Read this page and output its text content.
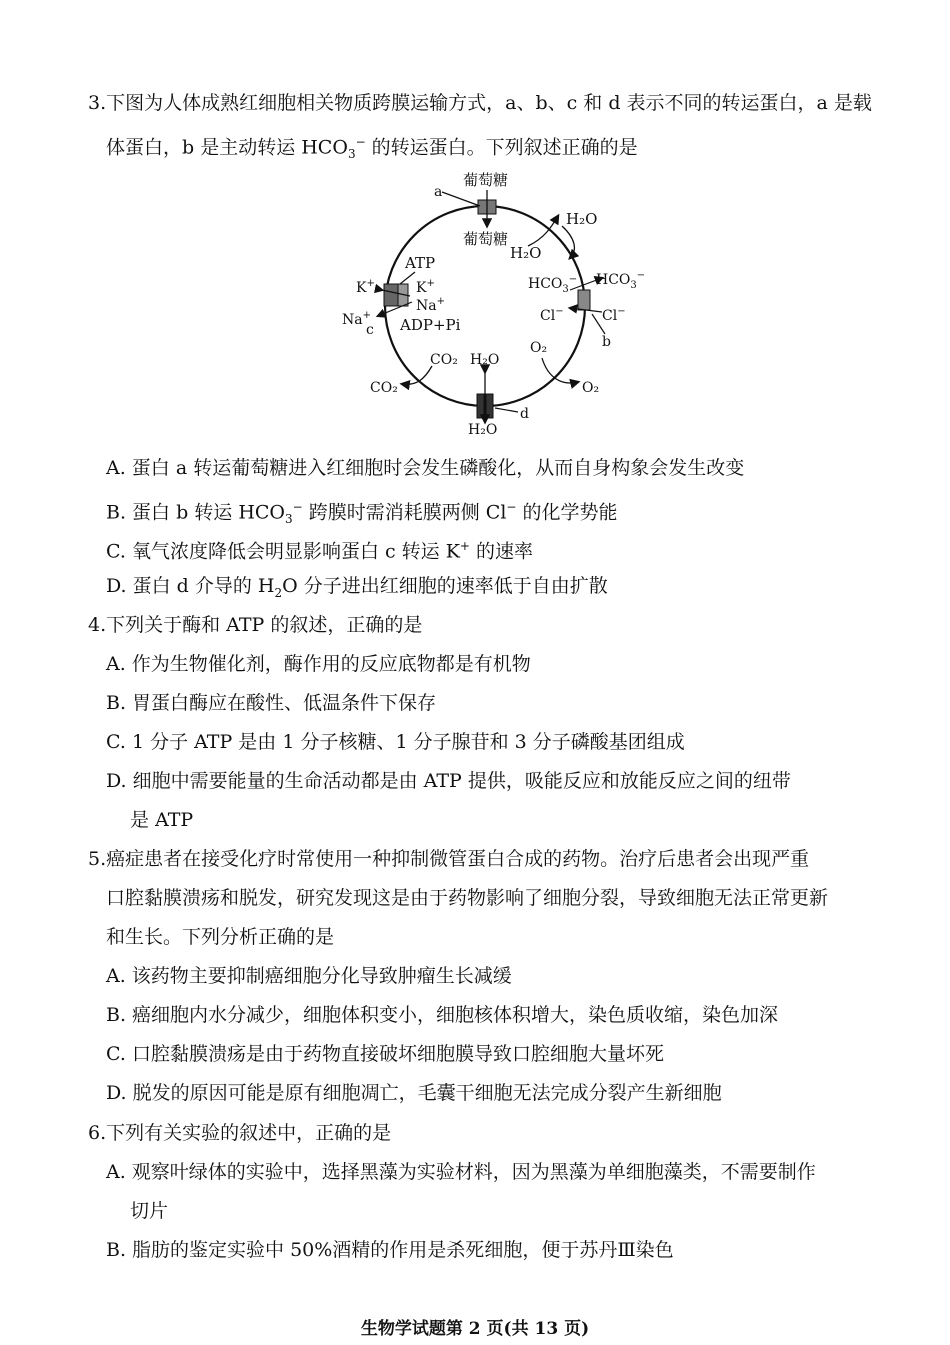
3.下图为人体成熟红细胞相关物质跨膜运输方式，a、b、c 和 d 表示不同的转运蛋白，a 是载
体蛋白，b 是主动转运 $HCO_3^-$ 的转运蛋白。下列叙述正确的是
a
葡萄糖
葡萄糖
H₂O
H₂O
ATP
K+	K+
Na+
Na+
ADP+Pi
c
$HCO_3^-$ $HCO_3^-$
Cl−	Cl−
b
O₂
O₂
CO₂
CO₂
H₂O
H₂O
d
A. 蛋白 a 转运葡萄糖进入红细胞时会发生磷酸化，从而自身构象会发生改变
B. 蛋白 b 转运 $HCO_3^-$ 跨膜时需消耗膜两侧 Cl− 的化学势能
C. 氧气浓度降低会明显影响蛋白 c 转运 K+ 的速率
D. 蛋白 d 介导的 $H_2O$ 分子进出红细胞的速率低于自由扩散
4.下列关于酶和 ATP 的叙述，正确的是
A. 作为生物催化剂，酶作用的反应底物都是有机物
B. 胃蛋白酶应在酸性、低温条件下保存
C. 1 分子 ATP 是由 1 分子核糖、1 分子腺苷和 3 分子磷酸基团组成
D. 细胞中需要能量的生命活动都是由 ATP 提供，吸能反应和放能反应之间的纽带
是 ATP
5.癌症患者在接受化疗时常使用一种抑制微管蛋白合成的药物。治疗后患者会出现严重
口腔黏膜溃疡和脱发，研究发现这是由于药物影响了细胞分裂，导致细胞无法正常更新
和生长。下列分析正确的是
A. 该药物主要抑制癌细胞分化导致肿瘤生长减缓
B. 癌细胞内水分减少，细胞体积变小，细胞核体积增大，染色质收缩，染色加深
C. 口腔黏膜溃疡是由于药物直接破坏细胞膜导致口腔细胞大量坏死
D. 脱发的原因可能是原有细胞凋亡，毛囊干细胞无法完成分裂产生新细胞
6.下列有关实验的叙述中，正确的是
A. 观察叶绿体的实验中，选择黑藻为实验材料，因为黑藻为单细胞藻类，不需要制作
切片
B. 脂肪的鉴定实验中 50%酒精的作用是杀死细胞，便于苏丹Ⅲ染色
生物学试题第 2 页(共 13 页)
